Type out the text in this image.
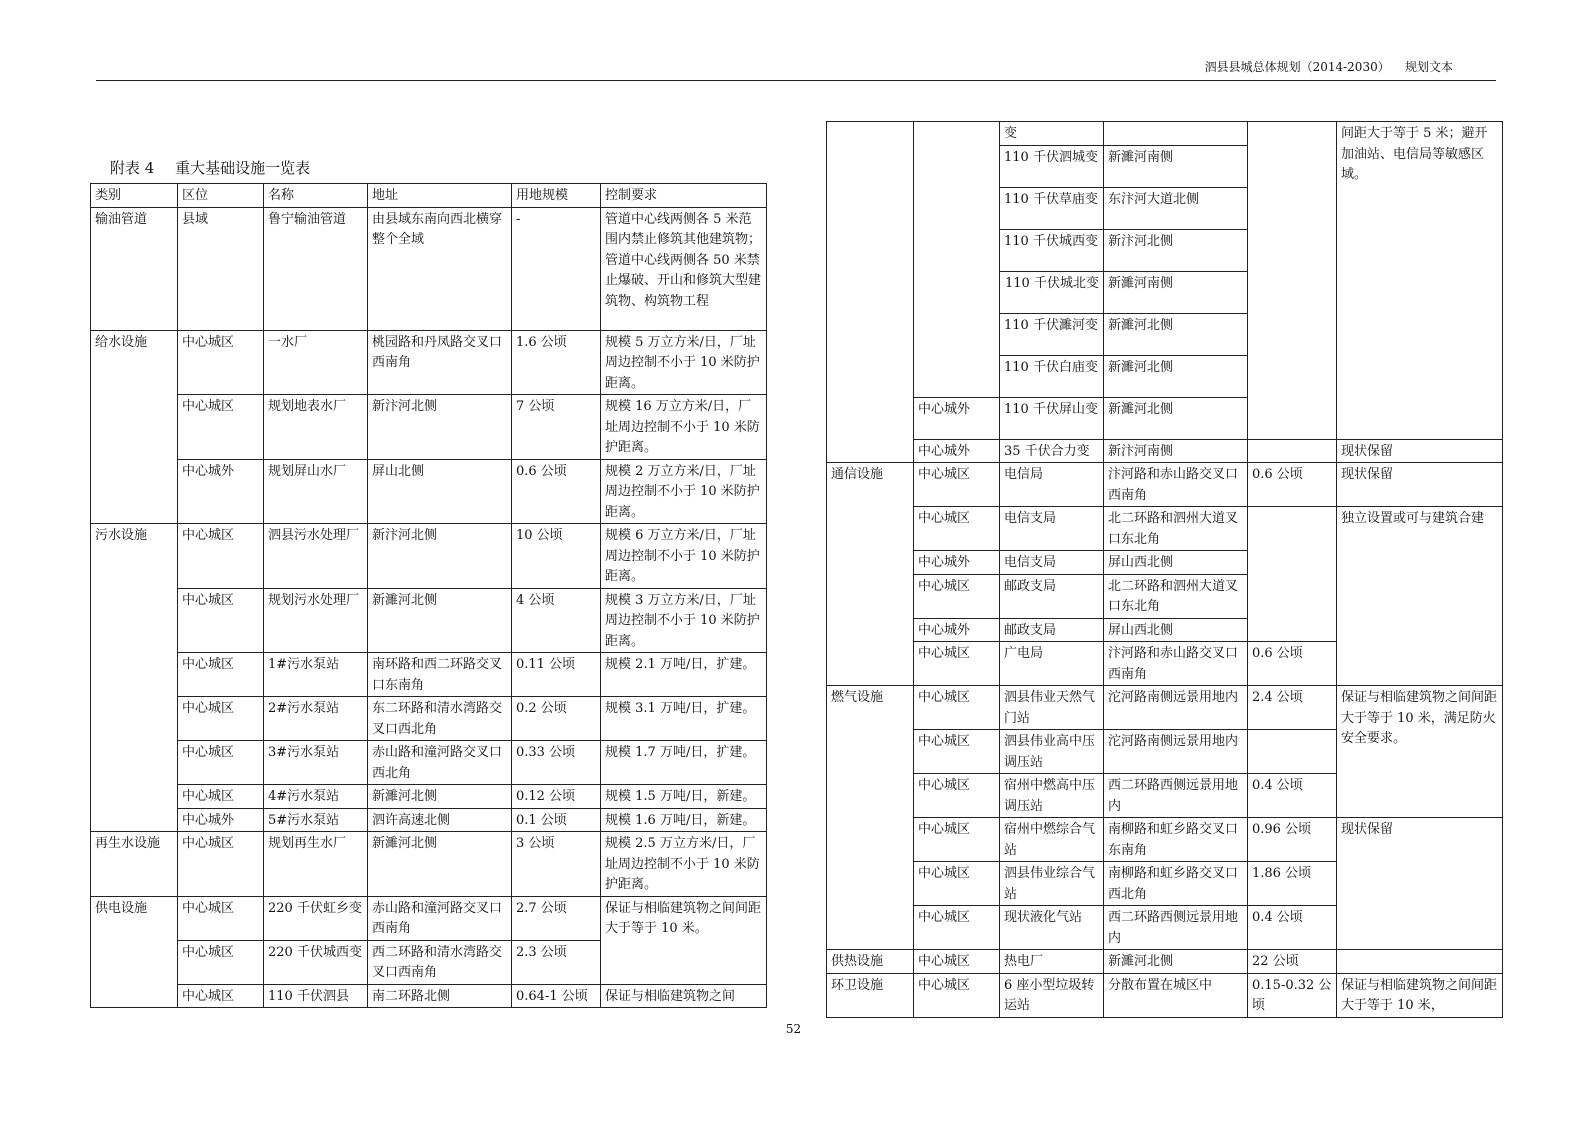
泗县县城总体规划（2014-2030） 规划文本
附表 4 重大基础设施一览表
类别	区位	名称	地址	用地规模	控制要求
输油管道	县域	鲁宁输油管道	由县域东南向西北横穿整个全域	-	管道中心线两侧各 5 米范围内禁止修筑其他建筑物；管道中心线两侧各 50 米禁止爆破、开山和修筑大型建筑物、构筑物工程
给水设施	中心城区	一水厂	桃园路和丹凤路交叉口西南角	1.6 公顷	规模 5 万立方米/日，厂址周边控制不小于 10 米防护距离。
	中心城区	规划地表水厂	新汴河北侧	7 公顷	规模 16 万立方米/日，厂址周边控制不小于 10 米防护距离。
	中心城外	规划屏山水厂	屏山北侧	0.6 公顷	规模 2 万立方米/日，厂址周边控制不小于 10 米防护距离。
污水设施	中心城区	泗县污水处理厂	新汴河北侧	10 公顷	规模 6 万立方米/日，厂址周边控制不小于 10 米防护距离。
	中心城区	规划污水处理厂	新濉河北侧	4 公顷	规模 3 万立方米/日，厂址周边控制不小于 10 米防护距离。
	中心城区	1#污水泵站	南环路和西二环路交叉口东南角	0.11 公顷	规模 2.1 万吨/日，扩建。
	中心城区	2#污水泵站	东二环路和清水湾路交叉口西北角	0.2 公顷	规模 3.1 万吨/日，扩建。
	中心城区	3#污水泵站	赤山路和潼河路交叉口西北角	0.33 公顷	规模 1.7 万吨/日，扩建。
	中心城区	4#污水泵站	新濉河北侧	0.12 公顷	规模 1.5 万吨/日，新建。
	中心城外	5#污水泵站	泗许高速北侧	0.1 公顷	规模 1.6 万吨/日，新建。
再生水设施	中心城区	规划再生水厂	新濉河北侧	3 公顷	规模 2.5 万立方米/日，厂址周边控制不小于 10 米防护距离。
供电设施	中心城区	220 千伏虹乡变	赤山路和潼河路交叉口西南角	2.7 公顷	保证与相临建筑物之间间距大于等于 10 米。
	中心城区	220 千伏城西变	西二环路和清水湾路交叉口西南角	2.3 公顷	
	中心城区	110 千伏泗县	南二环路北侧	0.64-1 公顷	保证与相临建筑物之间
		变			间距大于等于 5 米；避开加油站、电信局等敏感区域。
		110 千伏泗城变	新濉河南侧		
		110 千伏草庙变	东汴河大道北侧		
		110 千伏城西变	新汴河北侧		
		110 千伏城北变	新濉河南侧		
		110 千伏濉河变	新濉河北侧		
		110 千伏白庙变	新濉河北侧		
	中心城外	110 千伏屏山变	新濉河北侧		
	中心城外	35 千伏合力变	新汴河南侧		现状保留
通信设施	中心城区	电信局	汴河路和赤山路交叉口西南角	0.6 公顷	现状保留
	中心城区	电信支局	北二环路和泗州大道叉口东北角		独立设置或可与建筑合建
	中心城外	电信支局	屏山西北侧		
	中心城区	邮政支局	北二环路和泗州大道叉口东北角		
	中心城外	邮政支局	屏山西北侧		
	中心城区	广电局	汴河路和赤山路交叉口西南角	0.6 公顷	
燃气设施	中心城区	泗县伟业天然气门站	沱河路南侧远景用地内	2.4 公顷	保证与相临建筑物之间间距大于等于 10 米，满足防火安全要求。
	中心城区	泗县伟业高中压调压站	沱河路南侧远景用地内		
	中心城区	宿州中燃高中压调压站	西二环路西侧远景用地内	0.4 公顷	
	中心城区	宿州中燃综合气站	南柳路和虹乡路交叉口东南角	0.96 公顷	现状保留
	中心城区	泗县伟业综合气站	南柳路和虹乡路交叉口西北角	1.86 公顷	
	中心城区	现状液化气站	西二环路西侧远景用地内	0.4 公顷	
供热设施	中心城区	热电厂	新濉河北侧	22 公顷	
环卫设施	中心城区	6 座小型垃圾转运站	分散布置在城区中	0.15-0.32 公顷	保证与相临建筑物之间间距大于等于 10 米，
52
